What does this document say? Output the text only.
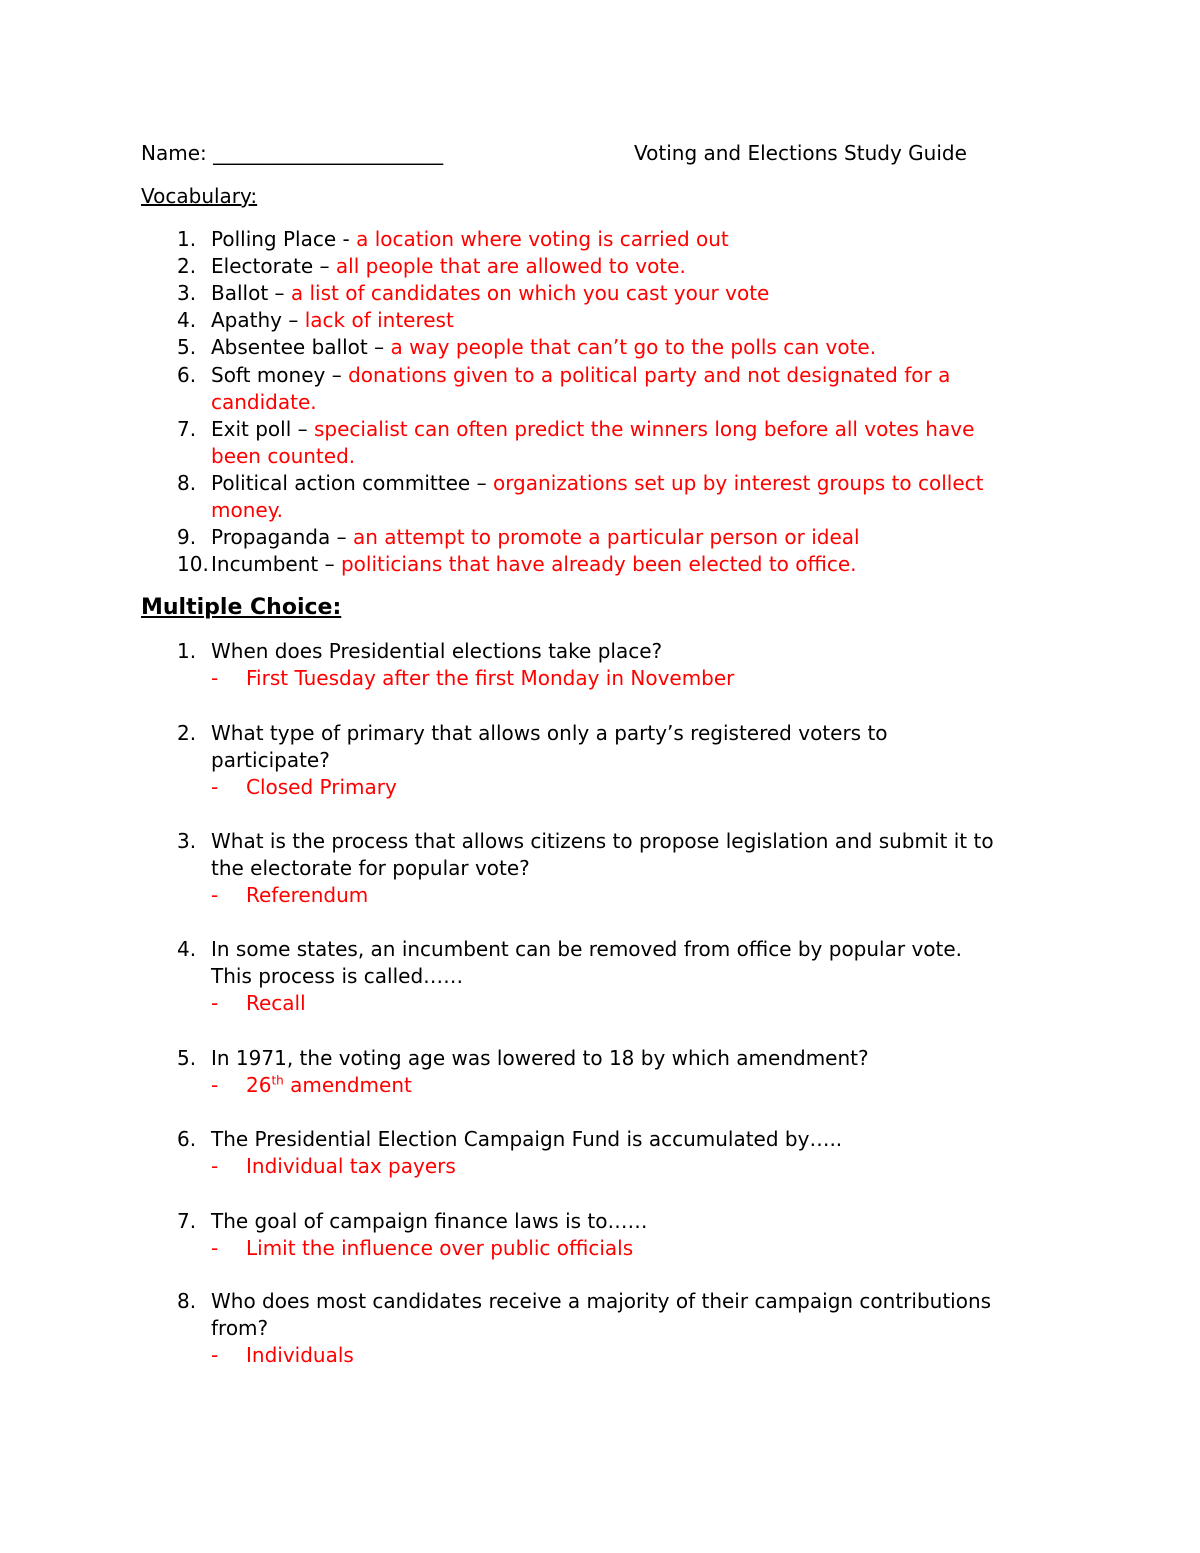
Name: _______________________	Voting and Elections Study Guide
Vocabulary:
1. Polling Place - a location where voting is carried out
2. Electorate – all people that are allowed to vote.
3. Ballot – a list of candidates on which you cast your vote
4. Apathy – lack of interest
5. Absentee ballot – a way people that can’t go to the polls can vote.
6. Soft money – donations given to a political party and not designated for a
candidate.
7. Exit poll – specialist can often predict the winners long before all votes have
been counted.
8. Political action committee – organizations set up by interest groups to collect
money.
9. Propaganda – an attempt to promote a particular person or ideal
10. Incumbent – politicians that have already been elected to office.
Multiple Choice:
1. When does Presidential elections take place?
- First Tuesday after the first Monday in November
2. What type of primary that allows only a party’s registered voters to
participate?
- Closed Primary
3. What is the process that allows citizens to propose legislation and submit it to
the electorate for popular vote?
- Referendum
4. In some states, an incumbent can be removed from office by popular vote.
This process is called……
- Recall
5. In 1971, the voting age was lowered to 18 by which amendment?
- 26th amendment
6. The Presidential Election Campaign Fund is accumulated by…..
- Individual tax payers
7. The goal of campaign finance laws is to……
- Limit the influence over public officials
8. Who does most candidates receive a majority of their campaign contributions
from?
- Individuals
